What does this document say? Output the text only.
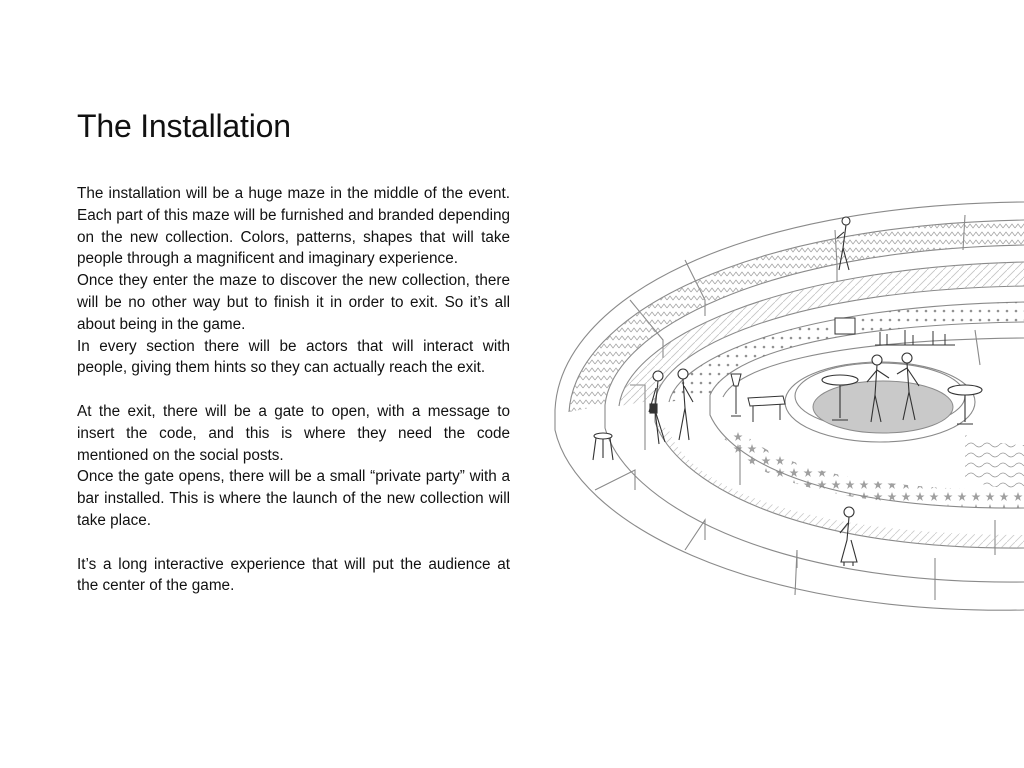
The Installation

The installation will be a huge maze in the middle of the event. Each part of this maze will be furnished and branded depending on the new collection. Colors, patterns, shapes that will take people through a magnificent and imaginary experience.

Once they enter the maze to discover the new collection, there will be no other way but to finish it in order to exit. So it’s all about being in the game.

In every section there will be actors that will interact with people, giving them hints so they can actually reach the exit.

At the exit, there will be a gate to open, with a message to insert the code, and this is where they need the code mentioned on the social posts.

Once the gate opens, there will be a small “private party” with a bar installed. This is where the launch of the new collection will take place.

It’s a long interactive experience that will put the audience at the center of the game.
